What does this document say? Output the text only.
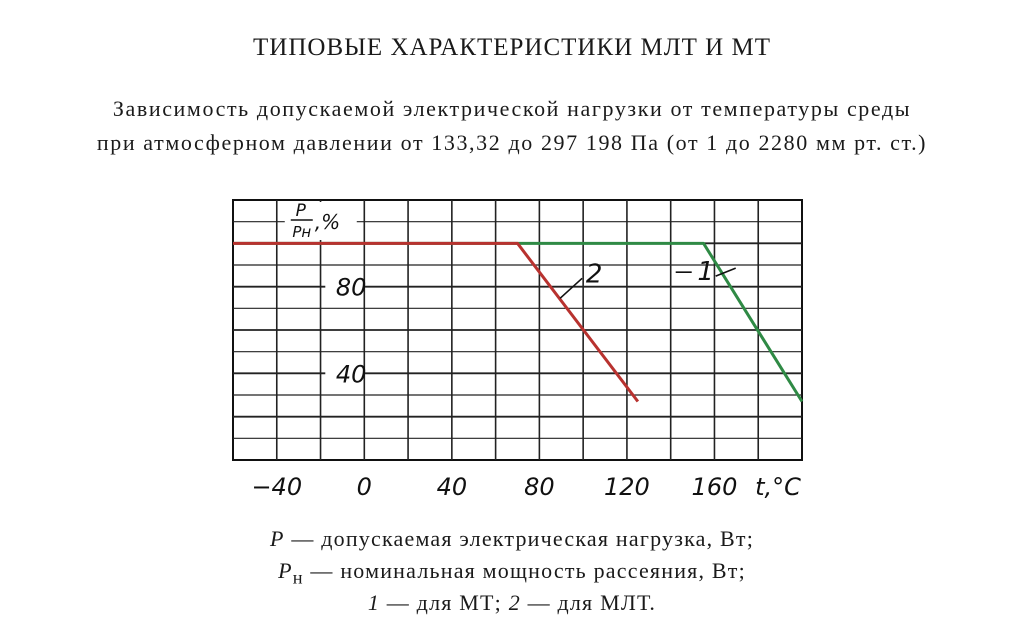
ТИПОВЫЕ ХАРАКТЕРИСТИКИ МЛТ И МТ
Зависимость допускаемой электрической нагрузки от температуры среды
при атмосферном давлении от 133,32 до 297 198 Па (от 1 до 2280 мм рт. ст.)
1
2
−40 0	40 80 120 160
80
40
t,°C
P
Pн ,%
P — допускаемая электрическая нагрузка, Вт;
$P_н$ — номинальная мощность рассеяния, Вт;
1 — для МТ; 2 — для МЛТ.
